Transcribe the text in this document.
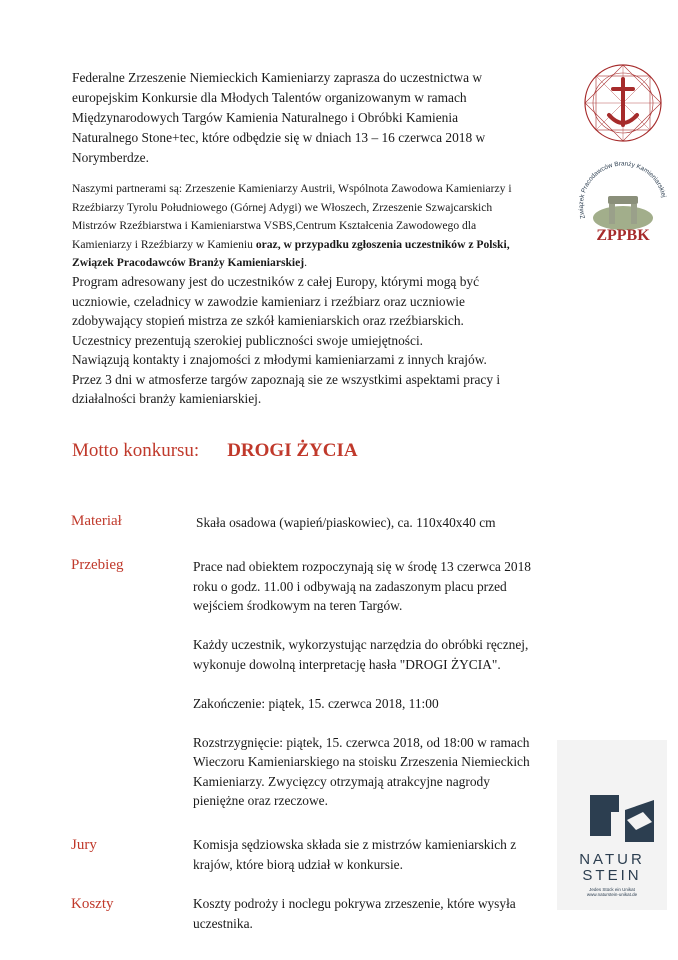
Federalne Zrzeszenie Niemieckich Kamieniarzy zaprasza do uczestnictwa w europejskim Konkursie dla Młodych Talentów organizowanym w ramach Międzynarodowych Targów Kamienia Naturalnego i Obróbki Kamienia Naturalnego Stone+tec, które odbędzie się w dniach 13 – 16 czerwca 2018 w Norymberdze.
Naszymi partnerami są: Zrzeszenie Kamieniarzy Austrii, Wspólnota Zawodowa Kamieniarzy i Rzeźbiarzy Tyrolu Południowego (Górnej Adygi) we Włoszech, Zrzeszenie Szwajcarskich Mistrzów Rzeźbiarstwa i Kamieniarstwa VSBS,Centrum Kształcenia Zawodowego dla Kamieniarzy i Rzeźbiarzy w Kamieniu oraz, w przypadku zgłoszenia uczestników z Polski, Związek Pracodawców Branży Kamieniarskiej.

Program adresowany jest do uczestników z całej Europy, którymi mogą być uczniowie, czeladnicy w zawodzie kamieniarz i rzeźbiarz oraz uczniowie zdobywający stopień mistrza ze szkół kamieniarskich oraz rzeźbiarskich.

Uczestnicy prezentują szerokiej publiczności swoje umiejętności.

Nawiązują kontakty i znajomości z młodymi kamieniarzami z innych krajów.

Przez 3 dni w atmosferze targów zapoznają sie ze wszystkimi aspektami pracy i działalności branży kamieniarskiej.

Motto konkursu: DROGI ŻYCIA
Materiał	Skała osadowa (wapień/piaskowiec), ca. 110x40x40 cm
Przebieg	Prace nad obiektem rozpoczynają się w środę 13 czerwca 2018 roku o godz. 11.00 i odbywają na zadaszonym placu przed wejściem środkowym na teren Targów.

Każdy uczestnik, wykorzystując narzędzia do obróbki ręcznej, wykonuje dowolną interpretację hasła "DROGI ŻYCIA".

Zakończenie: piątek, 15. czerwca 2018, 11:00

Rozstrzygnięcie: piątek, 15. czerwca 2018, od 18:00 w ramach Wieczoru Kamieniarskiego na stoisku Zrzeszenia Niemieckich Kamieniarzy. Zwycięzcy otrzymają atrakcyjne nagrody pieniężne oraz rzeczowe.

Jury	Komisja sędziowska składa sie z mistrzów kamieniarskich z krajów, które biorą udział w konkursie.
Koszty	Koszty podroży i noclegu pokrywa zrzeszenie, które wysyła uczestnika.
Związek Pracodawców Branży Kamieniarskiej
ZPPBK
NATUR
STEIN
Jedes Stück ein Unikat
www.naturstein-unikat.de
